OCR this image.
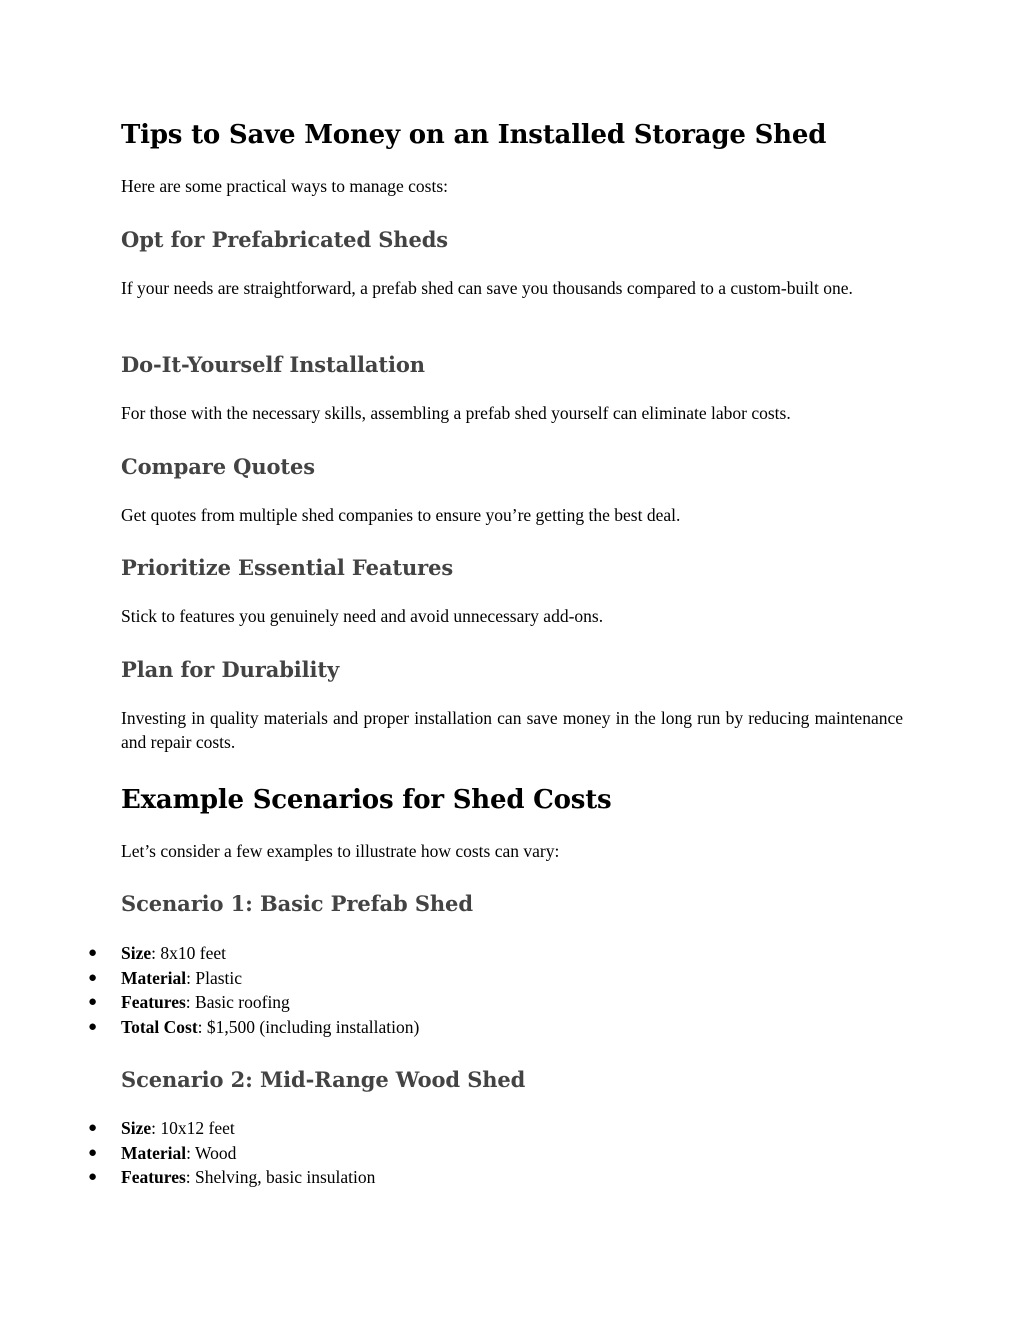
Tips to Save Money on an Installed Storage Shed

Here are some practical ways to manage costs:

Opt for Prefabricated Sheds

If your needs are straightforward, a prefab shed can save you thousands compared to a custom-built one.

Do-It-Yourself Installation

For those with the necessary skills, assembling a prefab shed yourself can eliminate labor costs.

Compare Quotes

Get quotes from multiple shed companies to ensure you’re getting the best deal.

Prioritize Essential Features

Stick to features you genuinely need and avoid unnecessary add-ons.

Plan for Durability

Investing in quality materials and proper installation can save money in the long run by reducing maintenance and repair costs.

Example Scenarios for Shed Costs

Let’s consider a few examples to illustrate how costs can vary:

Scenario 1: Basic Prefab Shed
● Size: 8x10 feet
● Material: Plastic
● Features: Basic roofing
● Total Cost: $1,500 (including installation)
Scenario 2: Mid-Range Wood Shed
● Size: 10x12 feet
● Material: Wood
● Features: Shelving, basic insulation
